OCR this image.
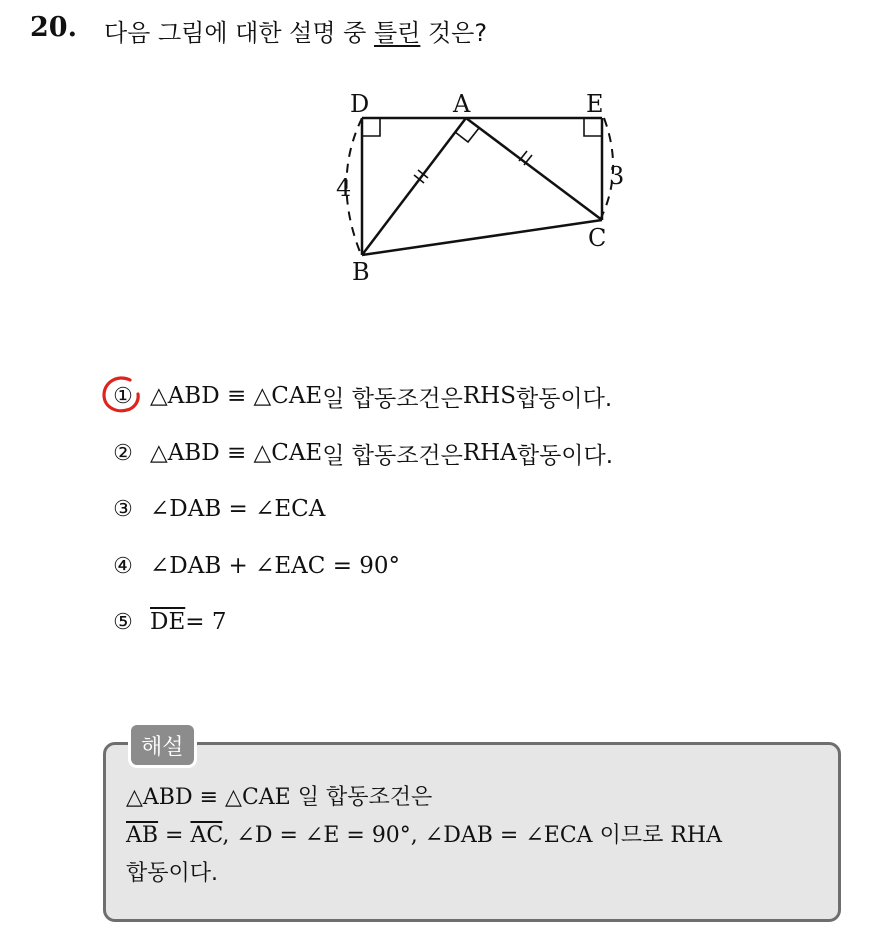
20. 다음 그림에 대한 설명 중 틀린 것은?
D	A	E
B
C
4	3
① △ABD ≡ △CAE 일 합동조건은 RHS 합동이다.
② △ABD ≡ △CAE 일 합동조건은 RHA 합동이다.
③ ∠DAB = ∠ECA
④ ∠DAB + ∠EAC = 90°
⑤ $\overline{DE} = 7$
해설
△ABD ≡ △CAE 일 합동조건은
$\overline{AB} = \overline{AC}$, ∠D = ∠E = 90°, ∠DAB = ∠ECA 이므로 RHA
합동이다.
